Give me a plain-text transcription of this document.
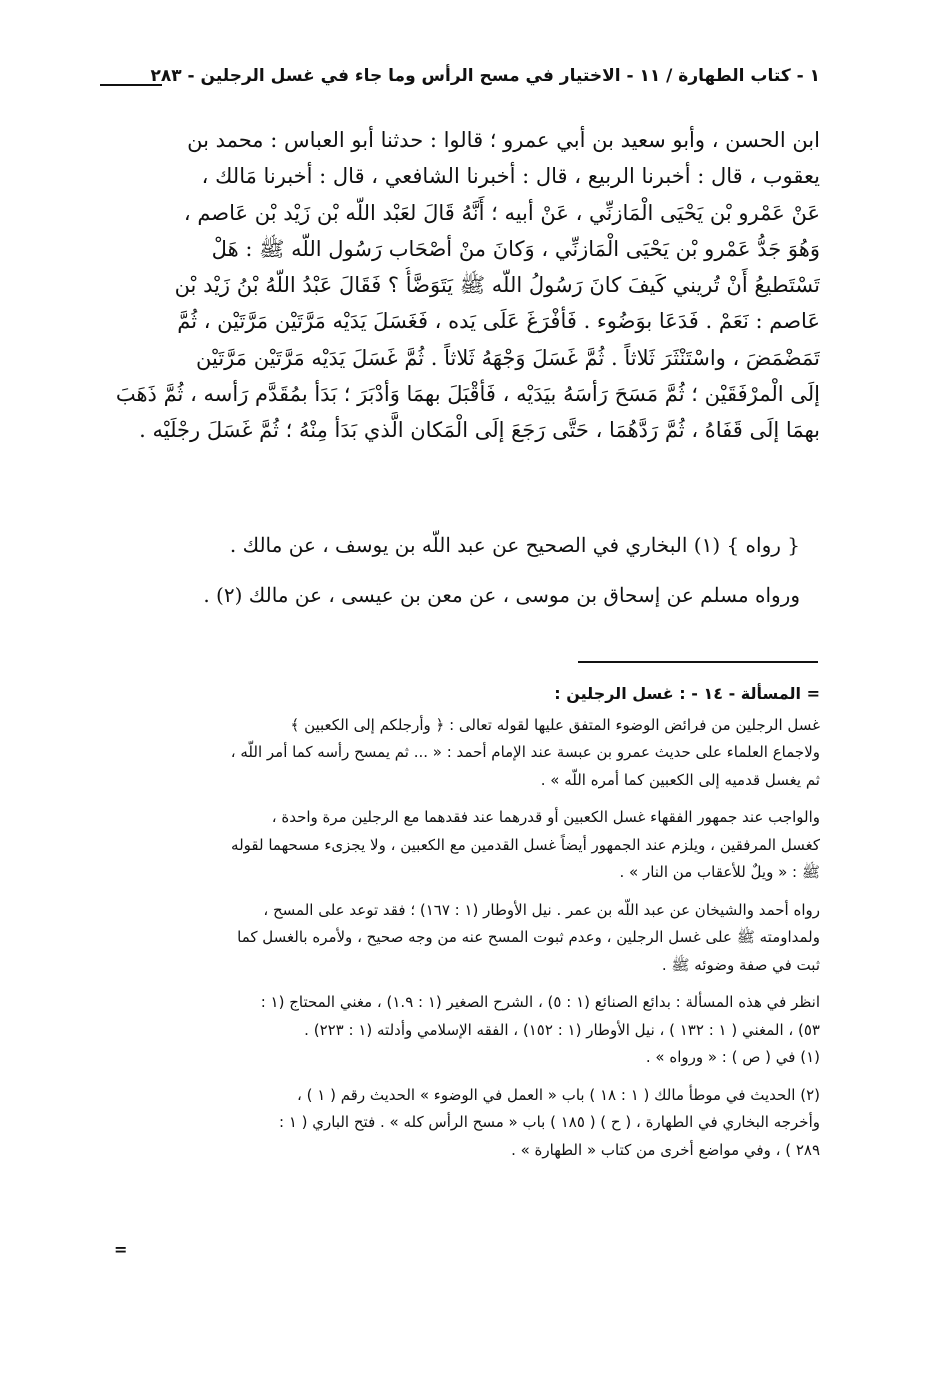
١ - كتاب الطهارة / ١١ - الاختيار في مسح الرأس وما جاء في غسل الرجلين - ٢٨٣
ابن الحسن ، وأبو سعيد بن أبي عمرو ؛ قالوا : حدثنا أبو العباس : محمد بن
يعقوب ، قال : أخبرنا الربيع ، قال : أخبرنا الشافعي ، قال : أخبرنا مَالك ،
عَنْ عَمْرو بْن يَحْيَى الْمَازنِّي ، عَنْ أبيه ؛ أَنَّهُ قَالَ لعَبْد اللّه بْن زَيْد بْن عَاصم ،
وَهُوَ جَدُّ عَمْرو بْن يَحْيَى الْمَازنِّي ، وَكانَ منْ أصْحَاب رَسُول اللّه ﷺ : هَلْ
تَسْتَطيعُ أَنْ تُريني كَيفَ كانَ رَسُولُ اللّه ﷺ يَتَوَضَّأُ ؟ فَقَالَ عَبْدُ اللّهُ بْنُ زَيْد بْن
عَاصم : نَعَمْ . فَدَعَا بوَضُوء . فَأفْرَغَ عَلَى يَده ، فَغَسَلَ يَدَيْه مَرَّتَيْن مَرَّتَيْن ، ثُمَّ
تَمَضْمَضَ ، واسْتَنْثَرَ ثَلاثاً . ثُمَّ غَسَلَ وَجْهَهُ ثَلاثاً . ثُمَّ غَسَلَ يَدَيْه مَرَّتَيْن مَرَّتَيْن
إلَى الْمرْفَقَيْن ؛ ثُمَّ مَسَحَ رَأسَهُ بيَدَيْه ، فَأقْبَلَ بهمَا وَأدْبَرَ ؛ بَدَأ بمُقَدَّم رَأسه ، ثُمَّ ذَهَبَ
بهمَا إلَى قَفَاهُ ، ثُمَّ رَدَّهُمَا ، حَتَّى رَجَعَ إلَى الْمَكان الَّذي بَدَأ مِنْهُ ؛ ثُمَّ غَسَلَ رجْلَيْه .
{ رواه } (١) البخاري في الصحيح عن عبد اللّه بن يوسف ، عن مالك .
ورواه مسلم عن إسحاق بن موسى ، عن معن بن عيسى ، عن مالك (٢) .
= المسألة - ١٤ - : غسل الرجلين :
غسل الرجلين من فرائض الوضوء المتفق عليها لقوله تعالى : ﴿ وأرجلكم إلى الكعبين ﴾
ولاجماع العلماء على حديث عمرو بن عبسة عند الإمام أحمد : « ... ثم يمسح رأسه كما أمر اللّه ،
ثم يغسل قدميه إلى الكعبين كما أمره اللّه » .
والواجب عند جمهور الفقهاء غسل الكعبين أو قدرهما عند فقدهما مع الرجلين مرة واحدة ،
كغسل المرفقين ، ويلزم عند الجمهور أيضاً غسل القدمين مع الكعبين ، ولا يجزىء مسحهما لقوله
ﷺ : « ويلٌ للأعقاب من النار » .
رواه أحمد والشيخان عن عبد اللّه بن عمر . نيل الأوطار (١ : ١٦٧) ؛ فقد توعد على المسح ،
ولمداومته ﷺ على غسل الرجلين ، وعدم ثبوت المسح عنه من وجه صحيح ، ولأمره بالغسل كما
ثبت في صفة وضوئه ﷺ .
انظر في هذه المسألة : بدائع الصنائع (١ : ٥) ، الشرح الصغير (١ : ١.٩) ، مغني المحتاج (١ :
٥٣) ، المغني ( ١ : ١٣٢ ) ، نيل الأوطار (١ : ١٥٢) ، الفقه الإسلامي وأدلته (١ : ٢٢٣) .
(١) في ( ص ) : « ورواه » .
(٢) الحديث في موطأ مالك ( ١ : ١٨ ) باب « العمل في الوضوء » الحديث رقم ( ١ ) ،
وأخرجه البخاري في الطهارة ، ( ح ) ( ١٨٥ ) باب « مسح الرأس كله » . فتح الباري ( ١ :
٢٨٩ ) ، وفي مواضع أخرى من كتاب « الطهارة » .
=
